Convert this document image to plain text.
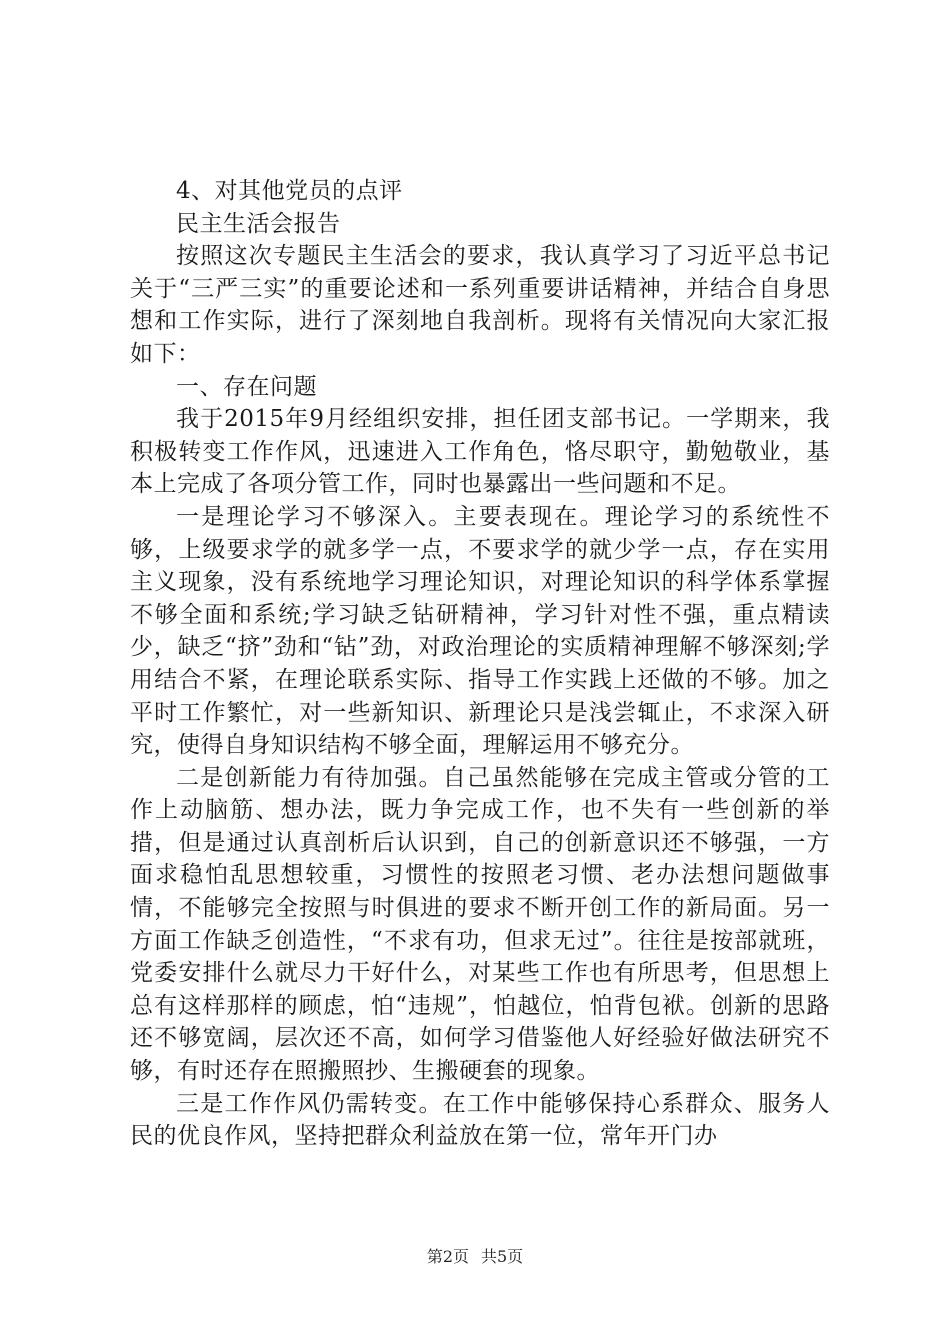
4、对其他党员的点评

民主生活会报告

按照这次专题民主生活会的要求，我认真学习了习近平总书记关于“三严三实”的重要论述和一系列重要讲话精神，并结合自身思想和工作实际，进行了深刻地自我剖析。现将有关情况向大家汇报如下：

一、存在问题

我于2015年9月经组织安排，担任团支部书记。一学期来，我积极转变工作作风，迅速进入工作角色，恪尽职守，勤勉敬业，基本上完成了各项分管工作，同时也暴露出一些问题和不足。

一是理论学习不够深入。主要表现在。理论学习的系统性不够，上级要求学的就多学一点，不要求学的就少学一点，存在实用主义现象，没有系统地学习理论知识，对理论知识的科学体系掌握不够全面和系统;学习缺乏钻研精神，学习针对性不强，重点精读少，缺乏“挤”劲和“钻”劲，对政治理论的实质精神理解不够深刻;学用结合不紧，在理论联系实际、指导工作实践上还做的不够。加之平时工作繁忙，对一些新知识、新理论只是浅尝辄止，不求深入研究，使得自身知识结构不够全面，理解运用不够充分。

二是创新能力有待加强。自己虽然能够在完成主管或分管的工作上动脑筋、想办法，既力争完成工作，也不失有一些创新的举措，但是通过认真剖析后认识到，自己的创新意识还不够强，一方面求稳怕乱思想较重，习惯性的按照老习惯、老办法想问题做事情，不能够完全按照与时俱进的要求不断开创工作的新局面。另一方面工作缺乏创造性，“不求有功，但求无过”。往往是按部就班，党委安排什么就尽力干好什么，对某些工作也有所思考，但思想上总有这样那样的顾虑，怕“违规”，怕越位，怕背包袱。创新的思路还不够宽阔，层次还不高，如何学习借鉴他人好经验好做法研究不够，有时还存在照搬照抄、生搬硬套的现象。

三是工作作风仍需转变。在工作中能够保持心系群众、服务人民的优良作风，坚持把群众利益放在第一位，常年开门办

第2页 共5页
